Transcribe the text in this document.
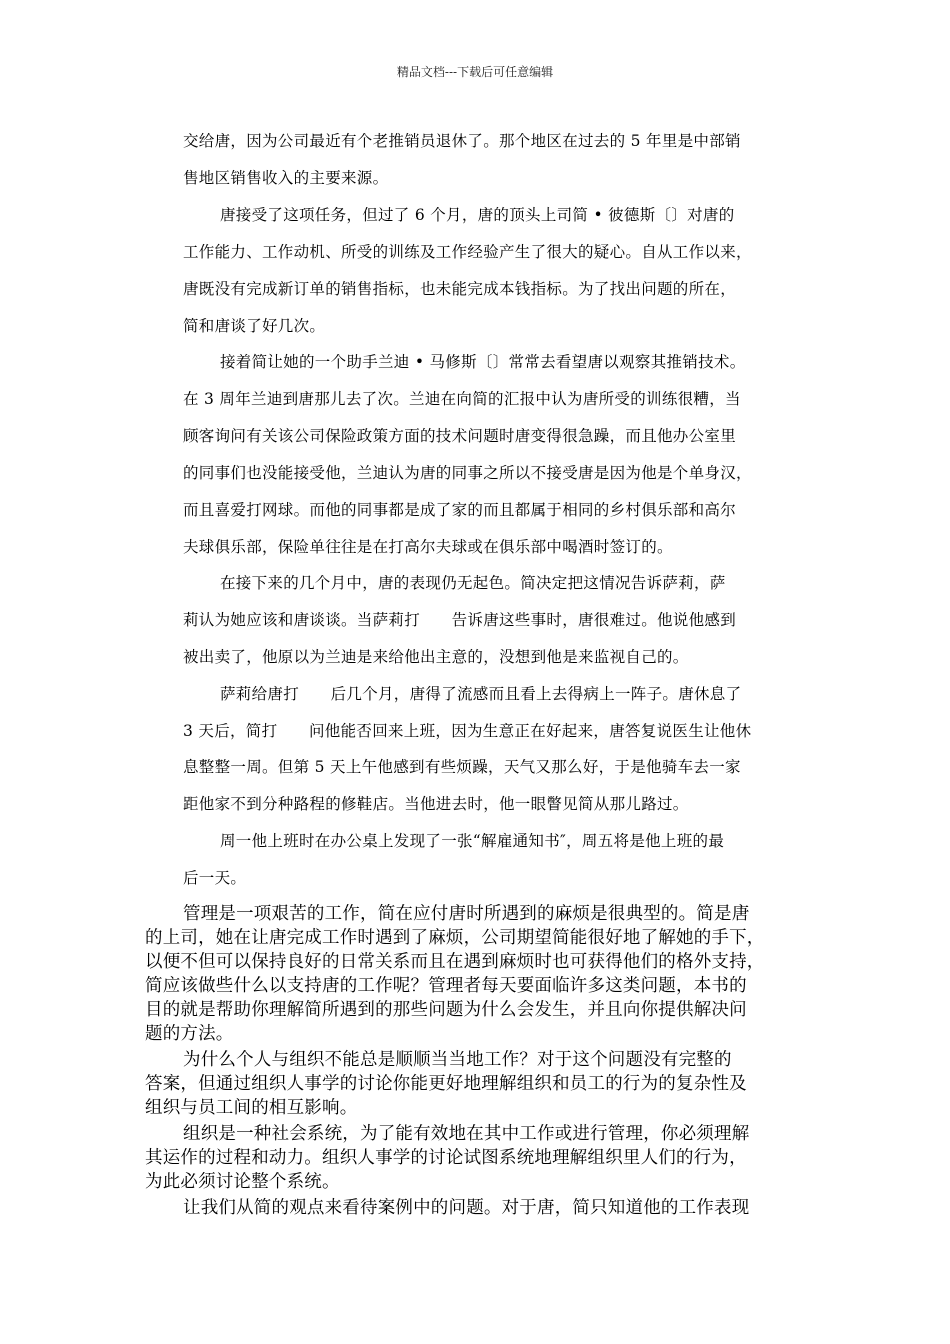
精品文档---下载后可任意编辑
交给唐，因为公司最近有个老推销员退休了。那个地区在过去的 5 年里是中部销
售地区销售收入的主要来源。
唐接受了这项任务，但过了 6 个月，唐的顶头上司简 • 彼德斯〔〕对唐的
工作能力、工作动机、所受的训练及工作经验产生了很大的疑心。自从工作以来，
唐既没有完成新订单的销售指标，也未能完成本钱指标。为了找出问题的所在，
简和唐谈了好几次。
接着简让她的一个助手兰迪 • 马修斯〔〕常常去看望唐以观察其推销技术。
在 3 周年兰迪到唐那儿去了次。兰迪在向简的汇报中认为唐所受的训练很糟，当
顾客询问有关该公司保险政策方面的技术问题时唐变得很急躁，而且他办公室里
的同事们也没能接受他，兰迪认为唐的同事之所以不接受唐是因为他是个单身汉，
而且喜爱打网球。而他的同事都是成了家的而且都属于相同的乡村俱乐部和高尔
夫球俱乐部，保险单往往是在打高尔夫球或在俱乐部中喝酒时签订的。
在接下来的几个月中，唐的表现仍无起色。简决定把这情况告诉萨莉，萨
莉认为她应该和唐谈谈。当萨莉打　　告诉唐这些事时，唐很难过。他说他感到
被出卖了，他原以为兰迪是来给他出主意的，没想到他是来监视自己的。
萨莉给唐打　　后几个月，唐得了流感而且看上去得病上一阵子。唐休息了
3 天后，简打　　问他能否回来上班，因为生意正在好起来，唐答复说医生让他休
息整整一周。但第 5 天上午他感到有些烦躁，天气又那么好，于是他骑车去一家
距他家不到分种路程的修鞋店。当他进去时，他一眼瞥见简从那儿路过。
周一他上班时在办公桌上发现了一张“解雇通知书″，周五将是他上班的最
后一天。
管理是一项艰苦的工作，简在应付唐时所遇到的麻烦是很典型的。简是唐
的上司，她在让唐完成工作时遇到了麻烦，公司期望简能很好地了解她的手下，
以便不但可以保持良好的日常关系而且在遇到麻烦时也可获得他们的格外支持，
简应该做些什么以支持唐的工作呢？管理者每天要面临许多这类问题，本书的
目的就是帮助你理解简所遇到的那些问题为什么会发生，并且向你提供解决问
题的方法。
为什么个人与组织不能总是顺顺当当地工作？对于这个问题没有完整的
答案，但通过组织人事学的讨论你能更好地理解组织和员工的行为的复杂性及
组织与员工间的相互影响。
组织是一种社会系统，为了能有效地在其中工作或进行管理，你必须理解
其运作的过程和动力。组织人事学的讨论试图系统地理解组织里人们的行为，
为此必须讨论整个系统。
让我们从简的观点来看待案例中的问题。对于唐，简只知道他的工作表现
